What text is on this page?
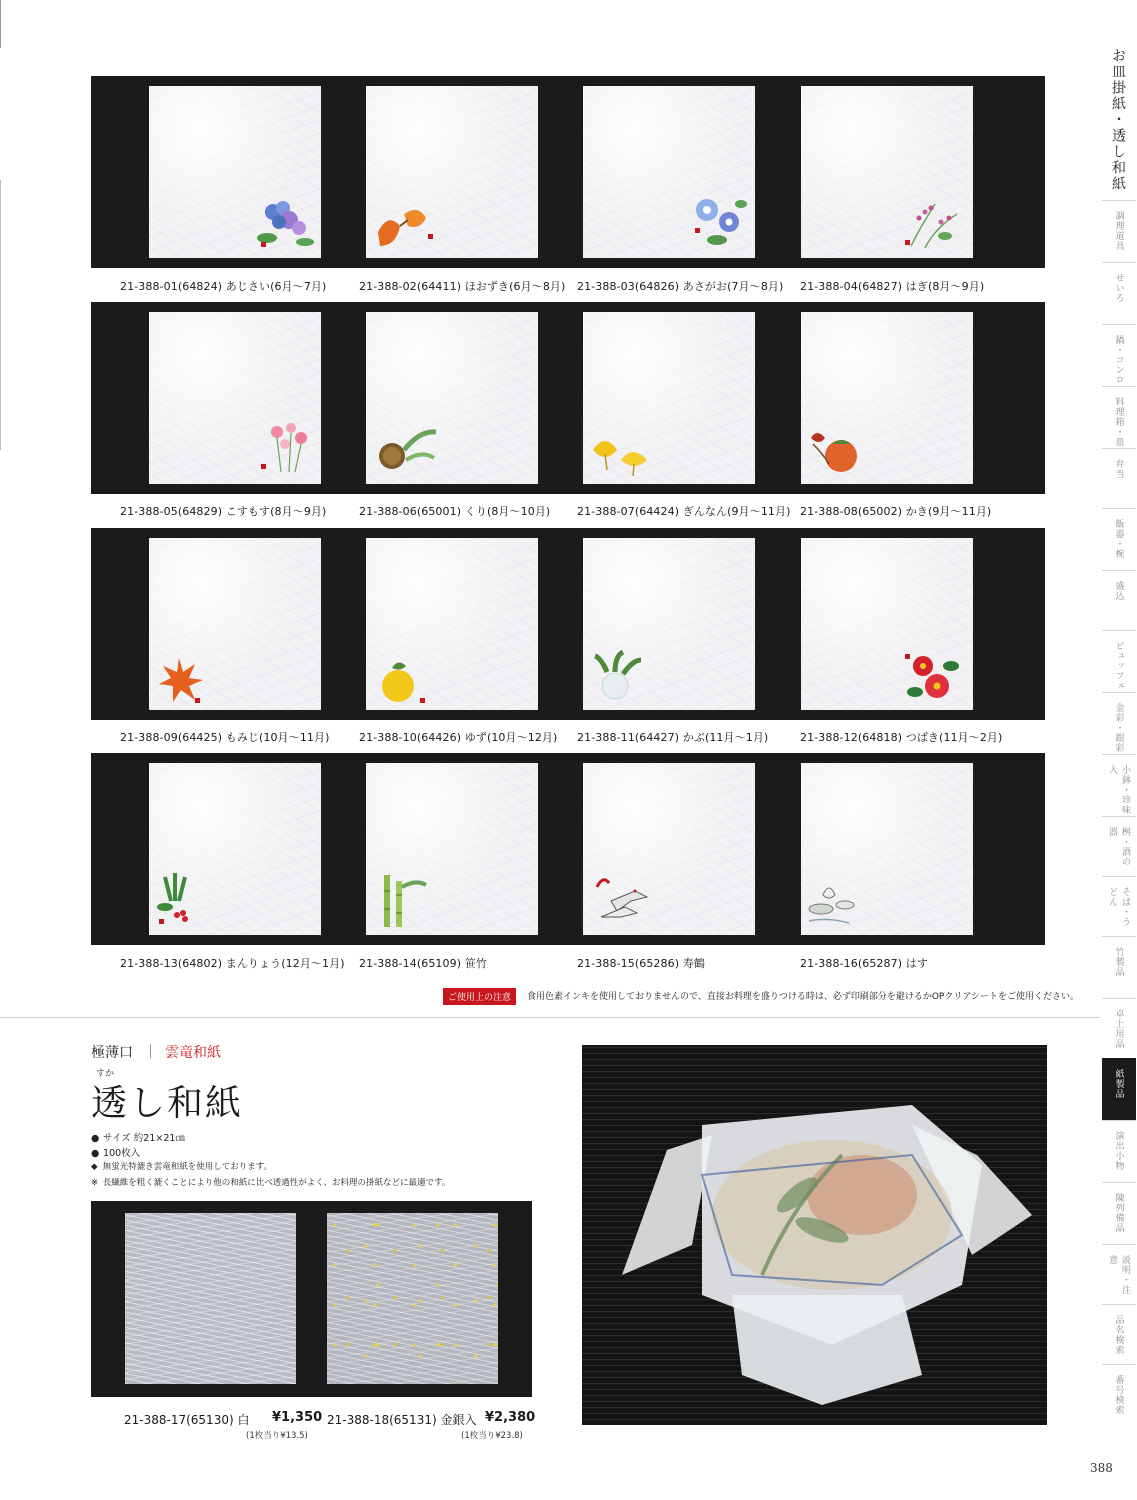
21-388-01(64824) あじさい(6月〜7月)	21-388-02(64411) ほおずき(6月〜8月) 21-388-03(64826) あさがお(7月〜8月) 21-388-04(64827) はぎ(8月〜9月)
21-388-05(64829) こすもす(8月〜9月)	21-388-06(65001) くり(8月〜10月) 21-388-07(64424) ぎんなん(9月〜11月) 21-388-08(65002) かき(9月〜11月)
21-388-09(64425) もみじ(10月〜11月)	21-388-10(64426) ゆず(10月〜12月) 21-388-11(64427) かぶ(11月〜1月)	21-388-12(64818) つばき(11月〜2月)
21-388-13(64802) まんりょう(12月〜1月) 21-388-14(65109) 笹竹	21-388-15(65286) 寿鶴	21-388-16(65287) はす
ご使用上の注意	食用色素インキを使用しておりませんので、直接お料理を盛りつける時は、必ず印刷部分を避けるかOPクリアシートをご使用ください。
極薄口 雲竜和紙
すか
透し和紙
● サイズ 約21×21㎝
● 100枚入
◆ 無蛍光特漉き雲竜和紙を使用しております。
※ 長繊維を粗く漉くことにより他の和紙に比べ透過性がよく、お料理の掛紙などに最適です。
21-388-17(65130) 白 ¥1,350
(1枚当り¥13.5)
21-388-18(65131) 金銀入 ¥2,380
(1枚当り¥23.8)
お皿掛紙・透し和紙
調理道具
せいろ
鍋・コンロ
料理箱・皿
弁当
飯器・椀
盛込
ビュッフェ
金彩・銀彩
小鉢・珍味入
桝・酒の器
そば・うどん
竹製品
卓上用品
紙製品
演出小物
陳列備品
説明・注意
品名検索
番号検索
388
